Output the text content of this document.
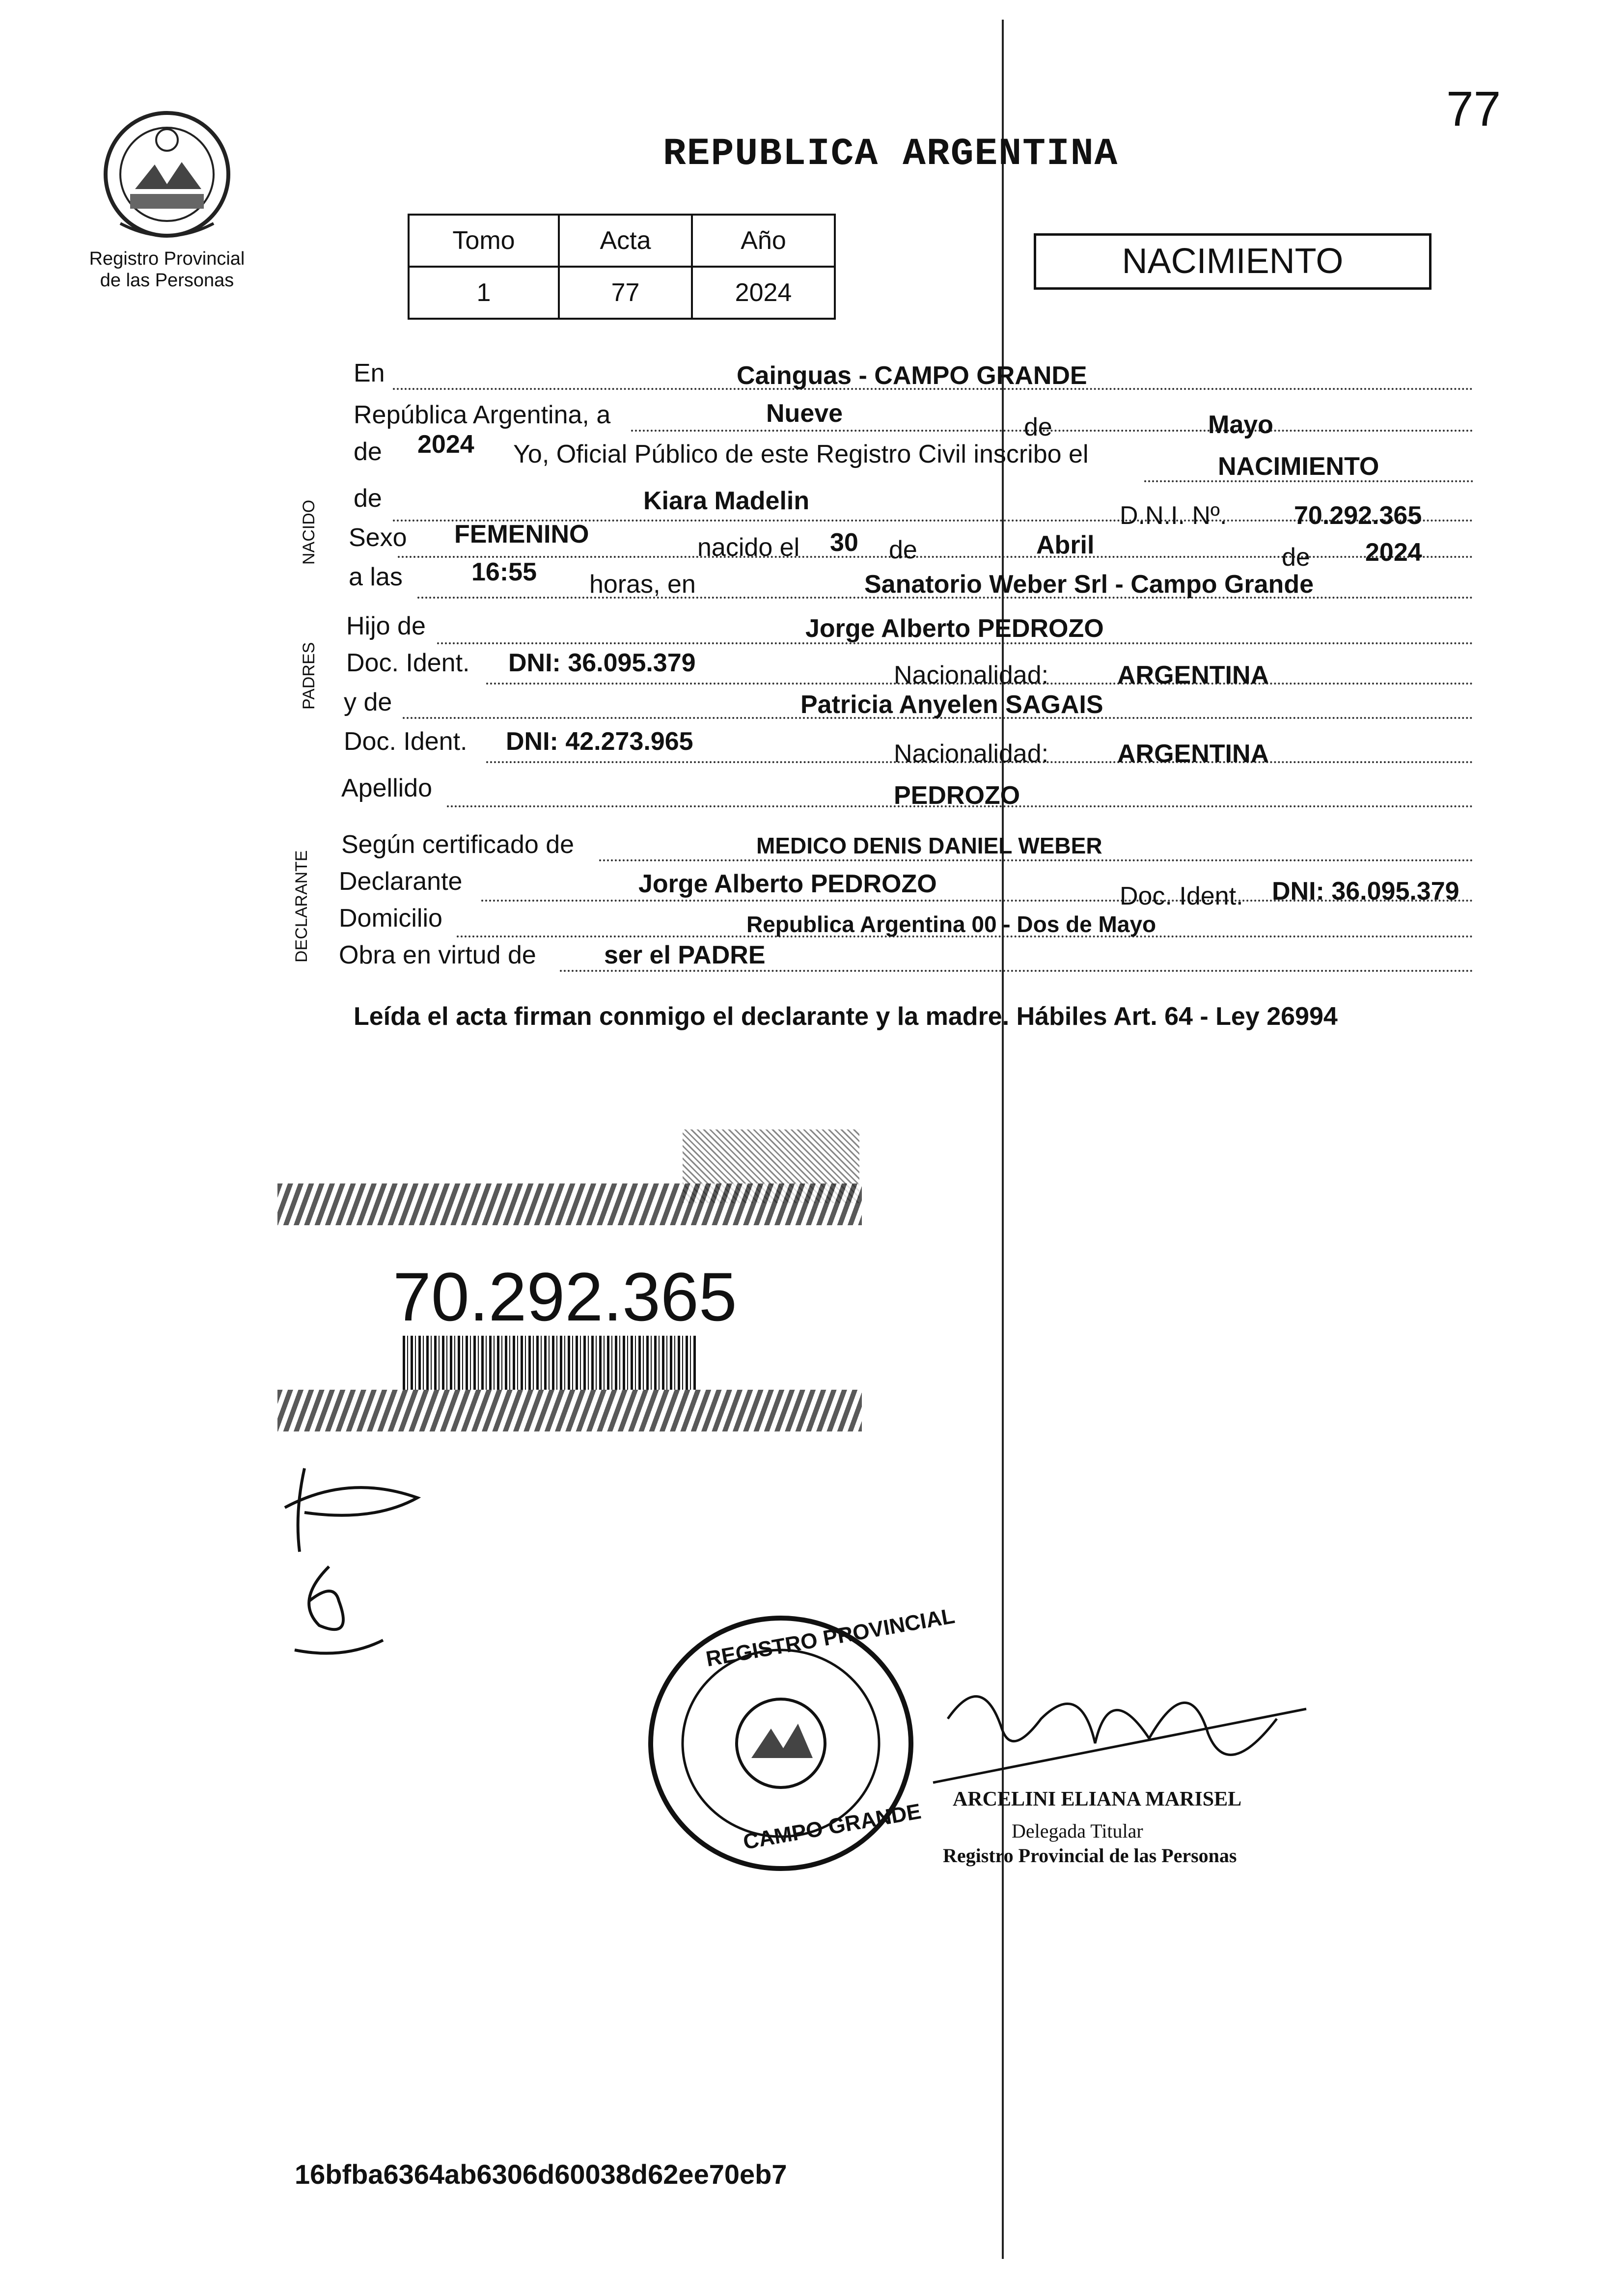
77
Registro Provincial de las Personas
REPUBLICA ARGENTINA
Tomo	Acta	Año
1	77	2024
NACIMIENTO
NACIDO
PADRES
DECLARANTE
En	Cainguas - CAMPO GRANDE
República Argentina, a	Nueve	de	Mayo
de 2024 Yo, Oficial Público de este Registro Civil inscribo el	NACIMIENTO
de	Kiara Madelin
D.N.I. Nº.	70.292.365
Sexo FEMENINO	nacido el 30 de	Abril	de 2024
a las	16:55 horas, en	Sanatorio Weber Srl - Campo Grande
Hijo de	Jorge Alberto PEDROZO
Doc. Ident. DNI: 36.095.379	Nacionalidad:	ARGENTINA
y de	Patricia Anyelen SAGAIS
Doc. Ident. DNI: 42.273.965	Nacionalidad:	ARGENTINA
Apellido	PEDROZO
Según certificado de	MEDICO DENIS DANIEL WEBER
Declarante	Jorge Alberto PEDROZO	Doc. Ident. DNI: 36.095.379
Domicilio	Republica Argentina 00 - Dos de Mayo
Obra en virtud de	ser el PADRE
Leída el acta firman conmigo el declarante y la madre. Hábiles Art. 64 - Ley 26994
70.292.365
REGISTRO PROVINCIAL
CAMPO GRANDE ARCELINI ELIANA MARISEL
Delegada Titular
Registro Provincial de las Personas
16bfba6364ab6306d60038d62ee70eb7
